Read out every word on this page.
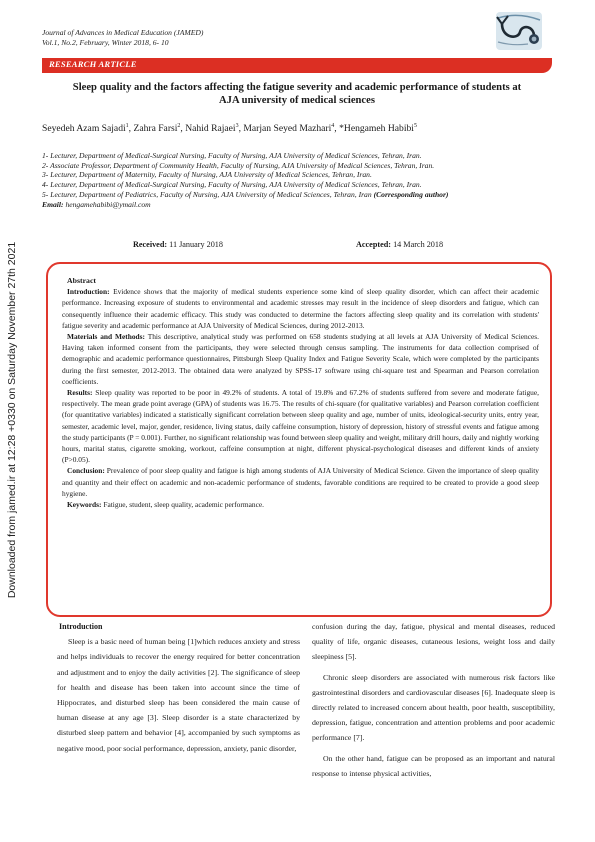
Downloaded from jamed.ir at 12:28 +0330 on Saturday November 27th 2021
Journal of Advances in Medical Education (JAMED)
Vol.1, No.2, February, Winter 2018, 6- 10
RESEARCH ARTICLE
Sleep quality and the factors affecting the fatigue severity and academic performance of students at
AJA university of medical sciences
Seyedeh Azam Sajadi$^1$, Zahra Farsi$^2$, Nahid Rajaei$^3$, Marjan Seyed Mazhari$^4$, *Hengameh Habibi$^5$
1- Lecturer, Department of Medical-Surgical Nursing, Faculty of Nursing, AJA University of Medical Sciences, Tehran, Iran.
2- Associate Professor, Department of Community Health, Faculty of Nursing, AJA University of Medical Sciences, Tehran, Iran.
3- Lecturer, Department of Maternity, Faculty of Nursing, AJA University of Medical Sciences, Tehran, Iran.
4- Lecturer, Department of Medical-Surgical Nursing, Faculty of Nursing, AJA University of Medical Sciences, Tehran, Iran.
5- Lecturer, Department of Pediatrics, Faculty of Nursing, AJA University of Medical Sciences, Tehran, Iran (Corresponding author)
Email: hengamehabibi@ymail.com
Received: 11 January 2018	Accepted: 14 March 2018
Abstract

Introduction: Evidence shows that the majority of medical students experience some kind of sleep quality disorder, which can affect their academic performance. Increasing exposure of students to environmental and academic stresses may result in the incidence of sleep disorders and fatigue, which can consequently influence their academic efficacy. This study was conducted to determine the factors affecting sleep quality and its correlation with students' fatigue severity and academic performance at AJA University of Medical Sciences, during 2012-2013.

Materials and Methods: This descriptive, analytical study was performed on 658 students studying at all levels at AJA University of Medical Sciences. Having taken informed consent from the participants, they were selected through census sampling. The instruments for data collection comprised of demographic and academic performance questionnaires, Pittsburgh Sleep Quality Index and Fatigue Severity Scale, which were completed by the participants during the first semester, 2012-2013. The obtained data were analyzed by SPSS-17 software using chi-square test and Spearman and Pearson correlation coefficients.

Results: Sleep quality was reported to be poor in 49.2% of students. A total of 19.8% and 67.2% of students suffered from severe and moderate fatigue, respectively. The mean grade point average (GPA) of students was 16.75. The results of chi-square (for qualitative variables) and Pearson correlation coefficient (for quantitative variables) indicated a statistically significant correlation between sleep quality and age, number of units, ideological-security units, entry year, semester, academic level, major, gender, residence, living status, daily caffeine consumption, history of depression, history of stressful events and fatigue among the study participants (P = 0.001). Further, no significant relationship was found between sleep quality and weight, military drill hours, daily and nightly working hours, marital status, cigarette smoking, workout, caffeine consumption at night, different physical-psychological diseases and different kinds of anxiety (P>0.05).

Conclusion: Prevalence of poor sleep quality and fatigue is high among students of AJA University of Medical Science. Given the importance of sleep quality and quantity and their effect on academic and non-academic performance of students, favorable conditions are required to be created to provide a good sleep hygiene.

Keywords: Fatigue, student, sleep quality, academic performance.

Introduction

Sleep is a basic need of human being [1]which reduces anxiety and stress and helps individuals to recover the energy required for better concentration and adjustment and to enjoy the daily activities [2]. The significance of sleep for health and disease has been taken into account since the time of Hippocrates, and disturbed sleep has been considered the main cause of human disease at any age [3]. Sleep disorder is a state characterized by disturbed sleep pattern and behavior [4], accompanied by such symptoms as negative mood, poor social performance, depression, anxiety, panic disorder,

confusion during the day, fatigue, physical and mental diseases, reduced quality of life, organic diseases, cutaneous lesions, weight loss and daily sleepiness [5].

Chronic sleep disorders are associated with numerous risk factors like gastrointestinal disorders and cardiovascular diseases [6]. Inadequate sleep is directly related to increased concern about health, poor health, susceptibility, depression, fatigue, concentration and attention problems and poor academic performance [7].

On the other hand, fatigue can be proposed as an important and natural response to intense physical activities,
